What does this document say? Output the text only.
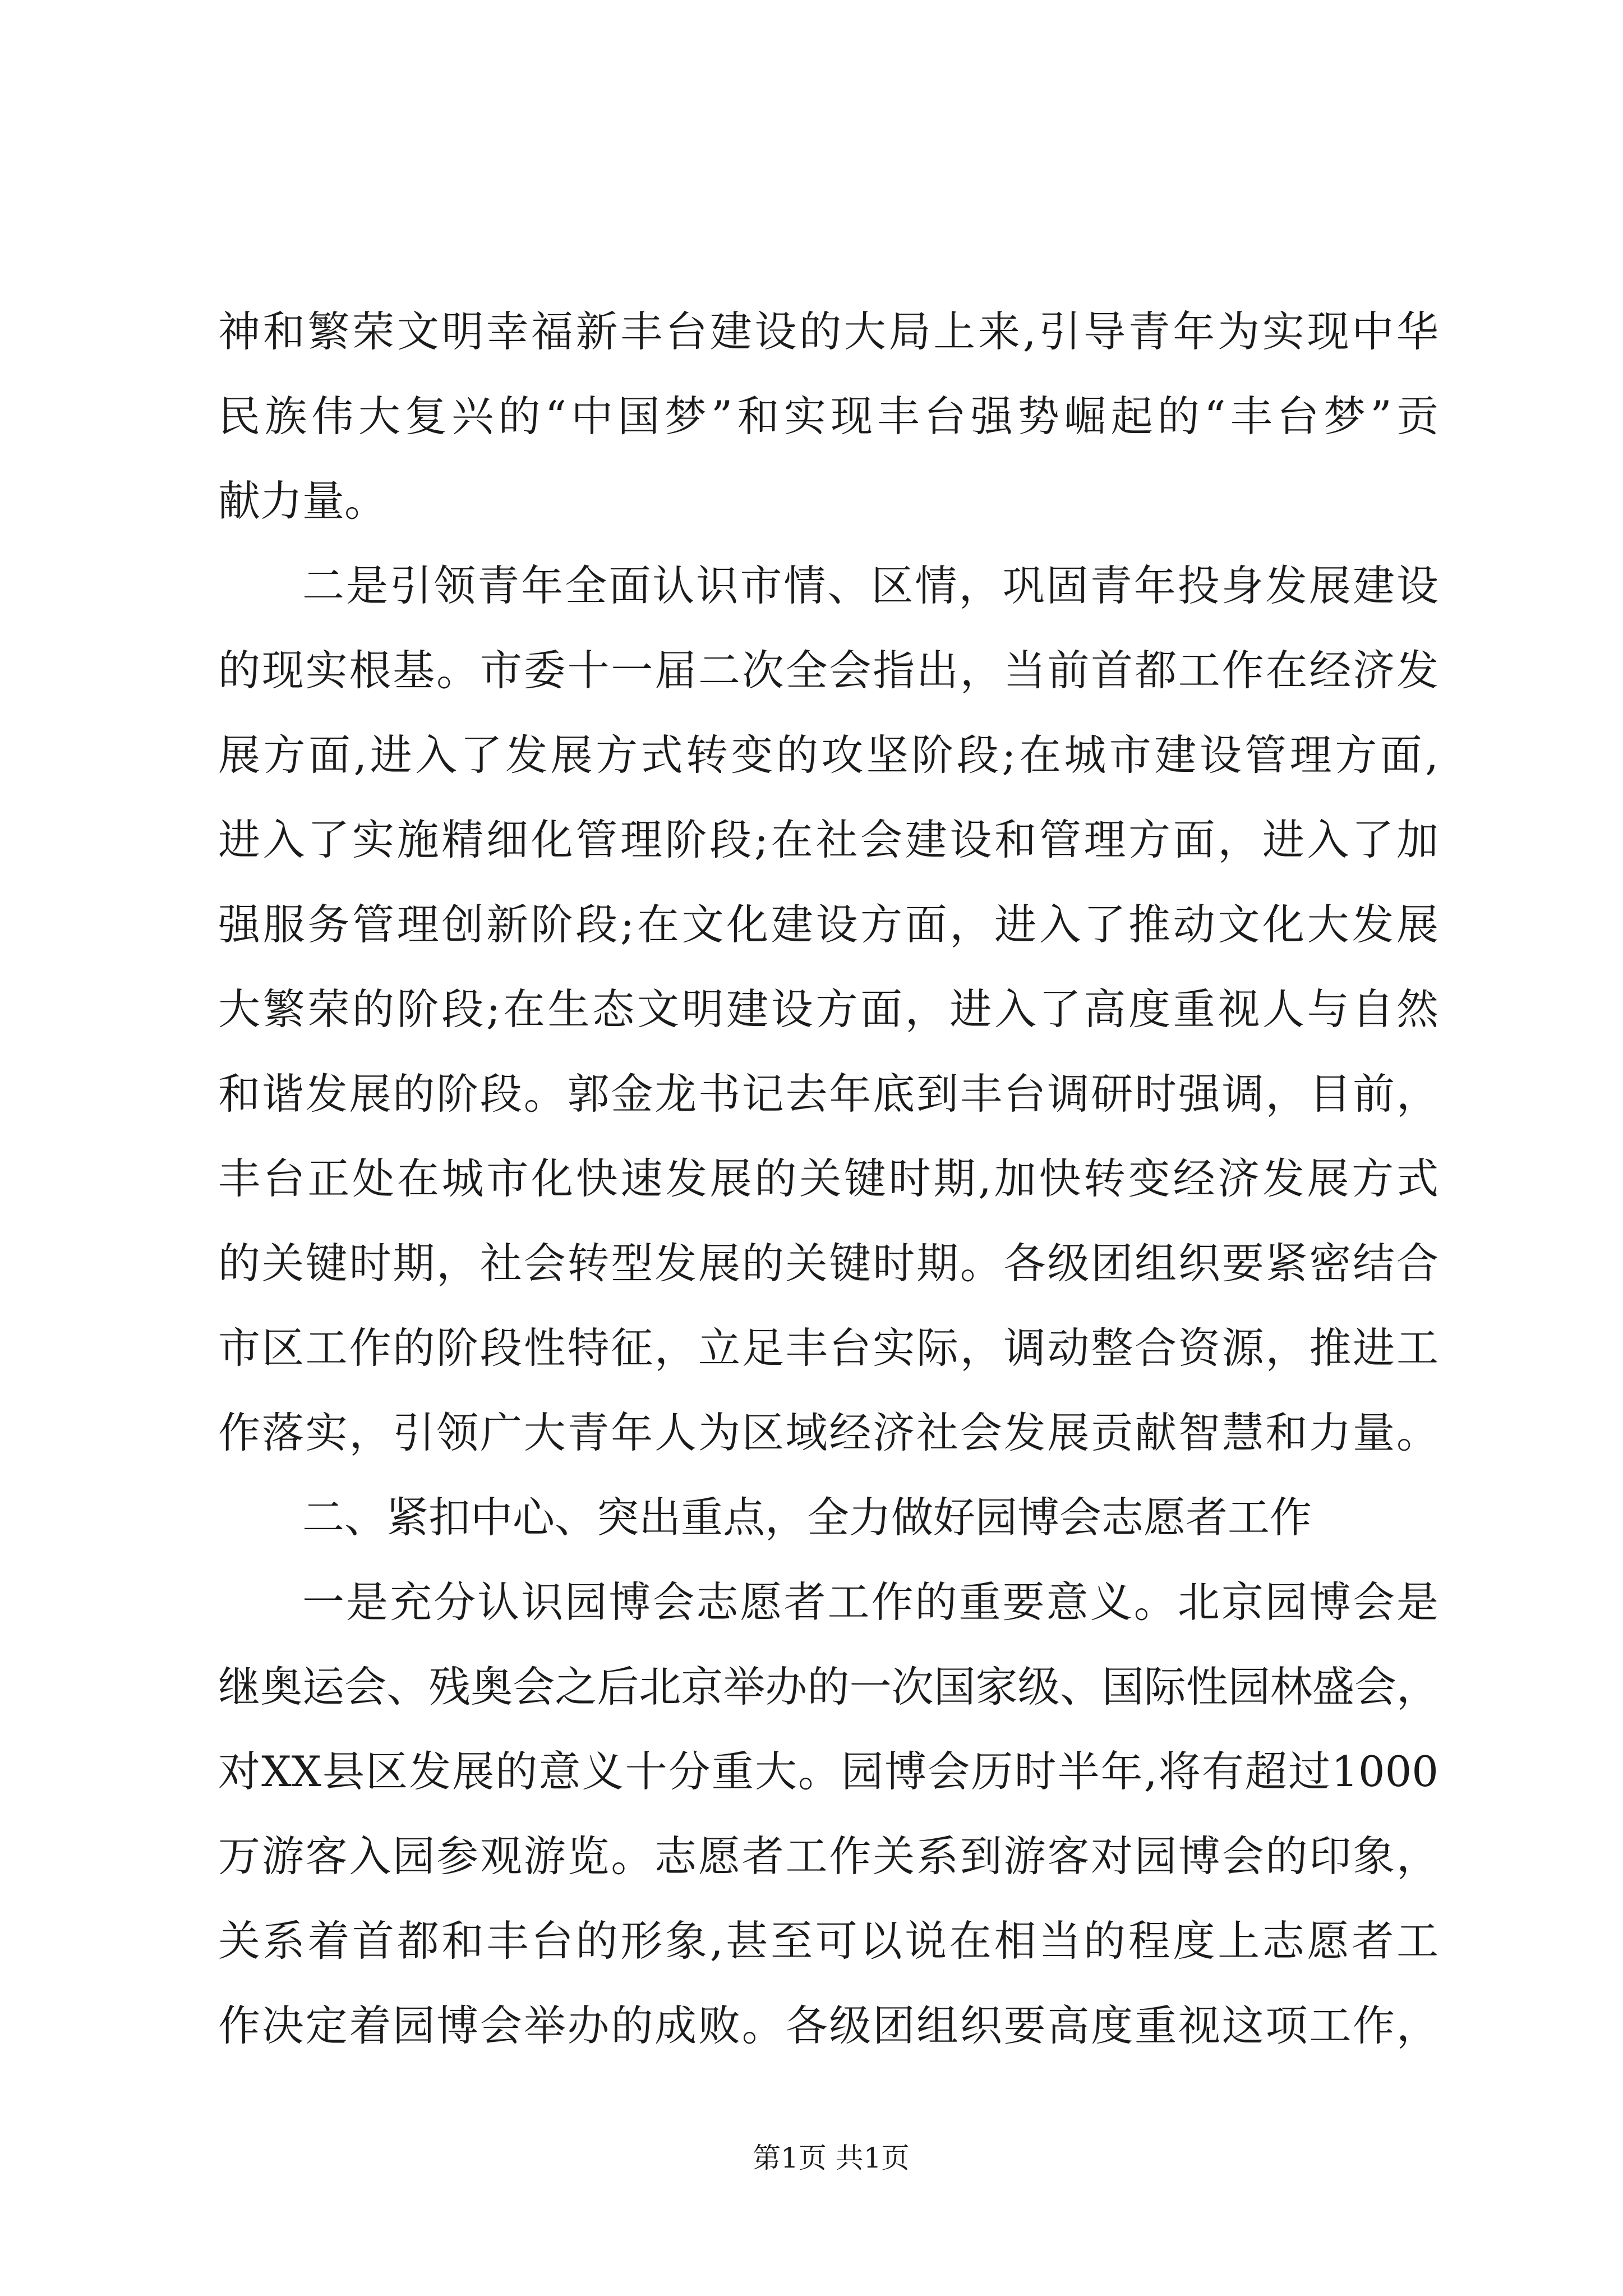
神和繁荣文明幸福新丰台建设的大局上来,引导青年为实现中华
民族伟大复兴的“中国梦”和实现丰台强势崛起的“丰台梦”贡
献力量。
二是引领青年全面认识市情、区情，巩固青年投身发展建设
的现实根基。市委十一届二次全会指出，当前首都工作在经济发
展方面,进入了发展方式转变的攻坚阶段;在城市建设管理方面,
进入了实施精细化管理阶段;在社会建设和管理方面，进入了加
强服务管理创新阶段;在文化建设方面，进入了推动文化大发展
大繁荣的阶段;在生态文明建设方面，进入了高度重视人与自然
和谐发展的阶段。郭金龙书记去年底到丰台调研时强调，目前，
丰台正处在城市化快速发展的关键时期,加快转变经济发展方式
的关键时期，社会转型发展的关键时期。各级团组织要紧密结合
市区工作的阶段性特征，立足丰台实际，调动整合资源，推进工
作落实，引领广大青年人为区域经济社会发展贡献智慧和力量。
二、紧扣中心、突出重点，全力做好园博会志愿者工作
一是充分认识园博会志愿者工作的重要意义。北京园博会是
继奥运会、残奥会之后北京举办的一次国家级、国际性园林盛会，
对XX县区发展的意义十分重大。园博会历时半年,将有超过1000
万游客入园参观游览。志愿者工作关系到游客对园博会的印象，
关系着首都和丰台的形象,甚至可以说在相当的程度上志愿者工
作决定着园博会举办的成败。各级团组织要高度重视这项工作，
第1页 共1页
